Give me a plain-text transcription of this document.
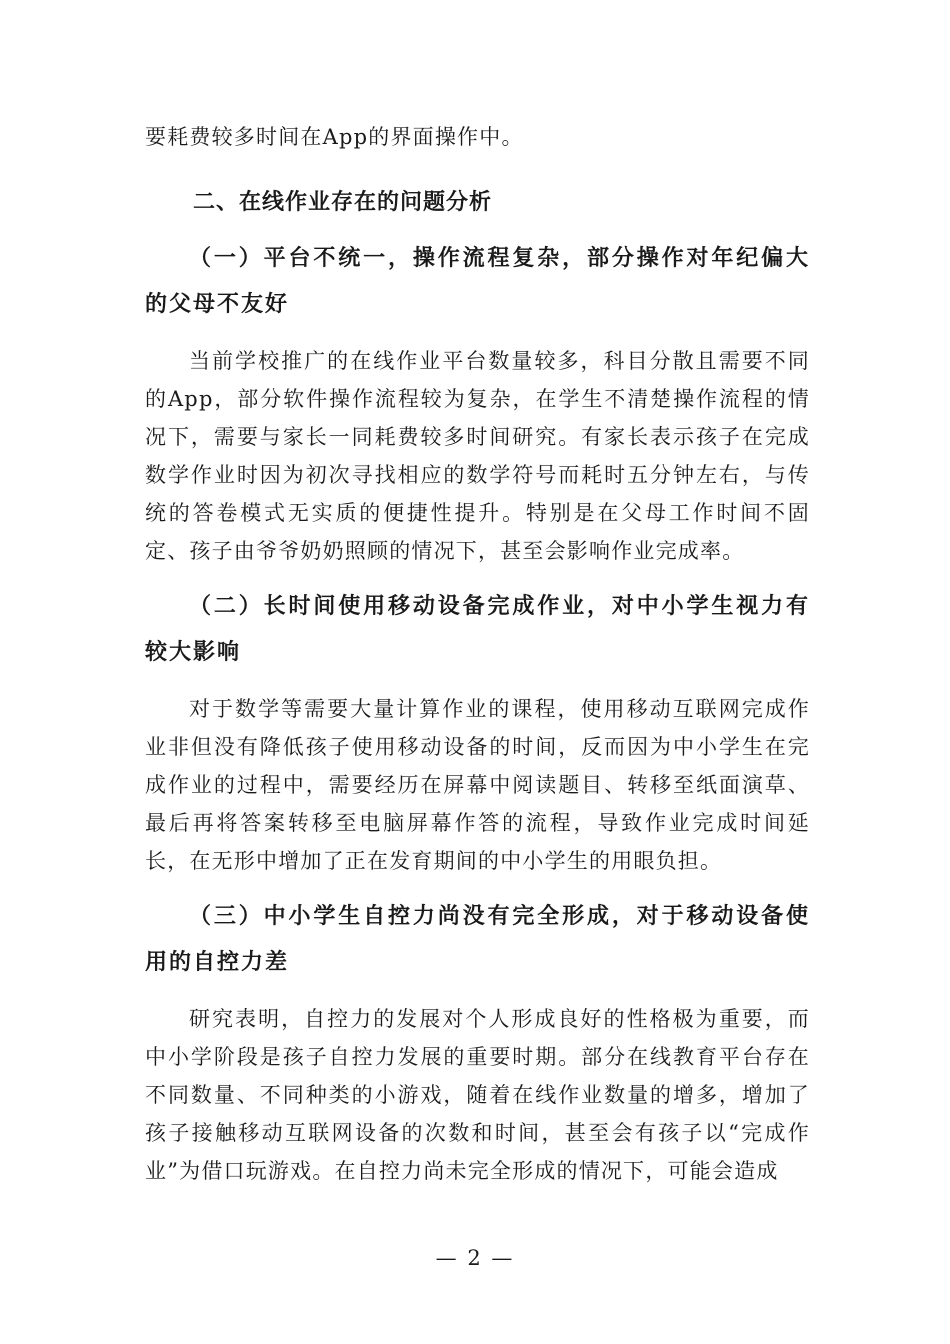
要耗费较多时间在App的界面操作中。

二、在线作业存在的问题分析
（一）平台不统一，操作流程复杂，部分操作对年纪偏大的父母不友好

当前学校推广的在线作业平台数量较多，科目分散且需要不同的App，部分软件操作流程较为复杂，在学生不清楚操作流程的情况下，需要与家长一同耗费较多时间研究。有家长表示孩子在完成数学作业时因为初次寻找相应的数学符号而耗时五分钟左右，与传统的答卷模式无实质的便捷性提升。特别是在父母工作时间不固定、孩子由爷爷奶奶照顾的情况下，甚至会影响作业完成率。

（二）长时间使用移动设备完成作业，对中小学生视力有较大影响

对于数学等需要大量计算作业的课程，使用移动互联网完成作业非但没有降低孩子使用移动设备的时间，反而因为中小学生在完成作业的过程中，需要经历在屏幕中阅读题目、转移至纸面演草、最后再将答案转移至电脑屏幕作答的流程，导致作业完成时间延长，在无形中增加了正在发育期间的中小学生的用眼负担。

（三）中小学生自控力尚没有完全形成，对于移动设备使用的自控力差

研究表明，自控力的发展对个人形成良好的性格极为重要，而中小学阶段是孩子自控力发展的重要时期。部分在线教育平台存在不同数量、不同种类的小游戏，随着在线作业数量的增多，增加了孩子接触移动互联网设备的次数和时间，甚至会有孩子以“完成作业”为借口玩游戏。在自控力尚未完全形成的情况下，可能会造成

— 2 —
